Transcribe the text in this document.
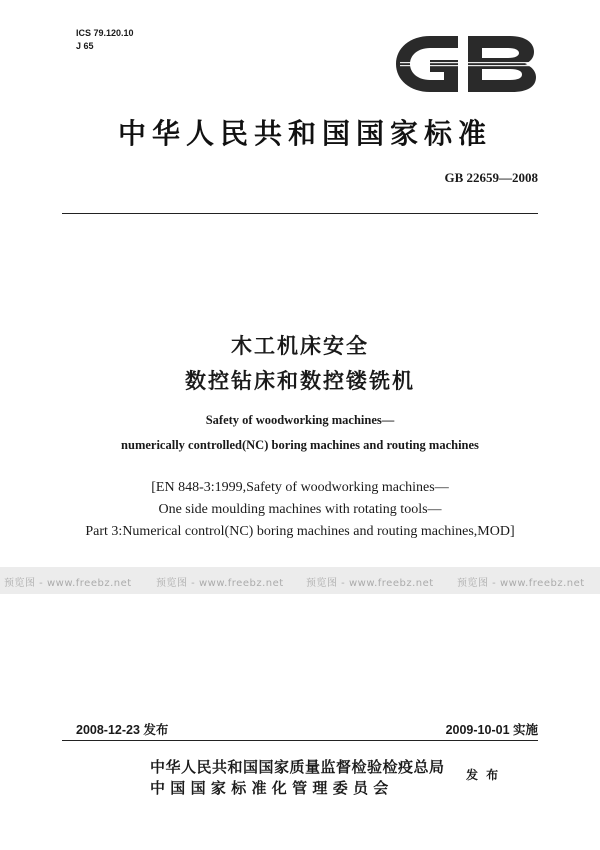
ICS 79.120.10
J 65
中华人民共和国国家标准
GB 22659—2008
木工机床安全
数控钻床和数控镂铣机
Safety of woodworking machines—
numerically controlled(NC) boring machines and routing machines
[EN 848-3:1999,Safety of woodworking machines—
One side moulding machines with rotating tools—
Part 3:Numerical control(NC) boring machines and routing machines,MOD]
预览图 - www.freebz.net 预览图 - www.freebz.net 预览图 - www.freebz.net 预览图 - www.freebz.net
2008-12-23 发布	2009-10-01 实施
中华人民共和国国家质量监督检验检疫总局
中国国家标准化管理委员会
发 布
